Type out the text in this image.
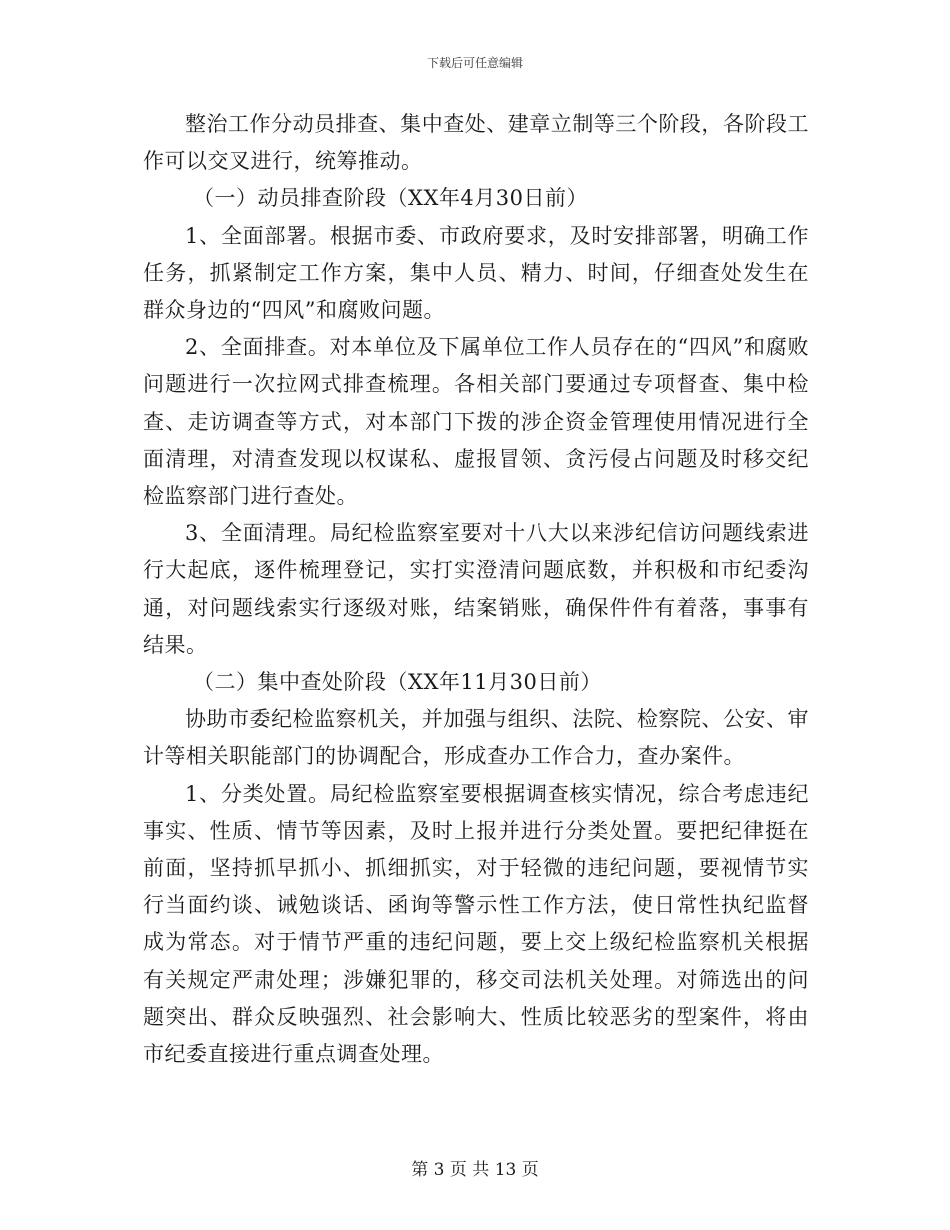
下载后可任意编辑

整治工作分动员排查、集中查处、建章立制等三个阶段，各阶段工作可以交叉进行，统筹推动。

（一）动员排查阶段（XX年4月30日前）

1、全面部署。根据市委、市政府要求，及时安排部署，明确工作任务，抓紧制定工作方案，集中人员、精力、时间，仔细查处发生在群众身边的“四风”和腐败问题。

2、全面排查。对本单位及下属单位工作人员存在的“四风”和腐败问题进行一次拉网式排查梳理。各相关部门要通过专项督查、集中检查、走访调查等方式，对本部门下拨的涉企资金管理使用情况进行全面清理，对清查发现以权谋私、虚报冒领、贪污侵占问题及时移交纪检监察部门进行查处。

3、全面清理。局纪检监察室要对十八大以来涉纪信访问题线索进行大起底，逐件梳理登记，实打实澄清问题底数，并积极和市纪委沟通，对问题线索实行逐级对账，结案销账，确保件件有着落，事事有结果。

（二）集中查处阶段（XX年11月30日前）

协助市委纪检监察机关，并加强与组织、法院、检察院、公安、审计等相关职能部门的协调配合，形成查办工作合力，查办案件。

1、分类处置。局纪检监察室要根据调查核实情况，综合考虑违纪事实、性质、情节等因素，及时上报并进行分类处置。要把纪律挺在前面，坚持抓早抓小、抓细抓实，对于轻微的违纪问题，要视情节实行当面约谈、诫勉谈话、函询等警示性工作方法，使日常性执纪监督成为常态。对于情节严重的违纪问题，要上交上级纪检监察机关根据有关规定严肃处理；涉嫌犯罪的，移交司法机关处理。对筛选出的问题突出、群众反映强烈、社会影响大、性质比较恶劣的型案件，将由市纪委直接进行重点调查处理。

第 3 页 共 13 页
